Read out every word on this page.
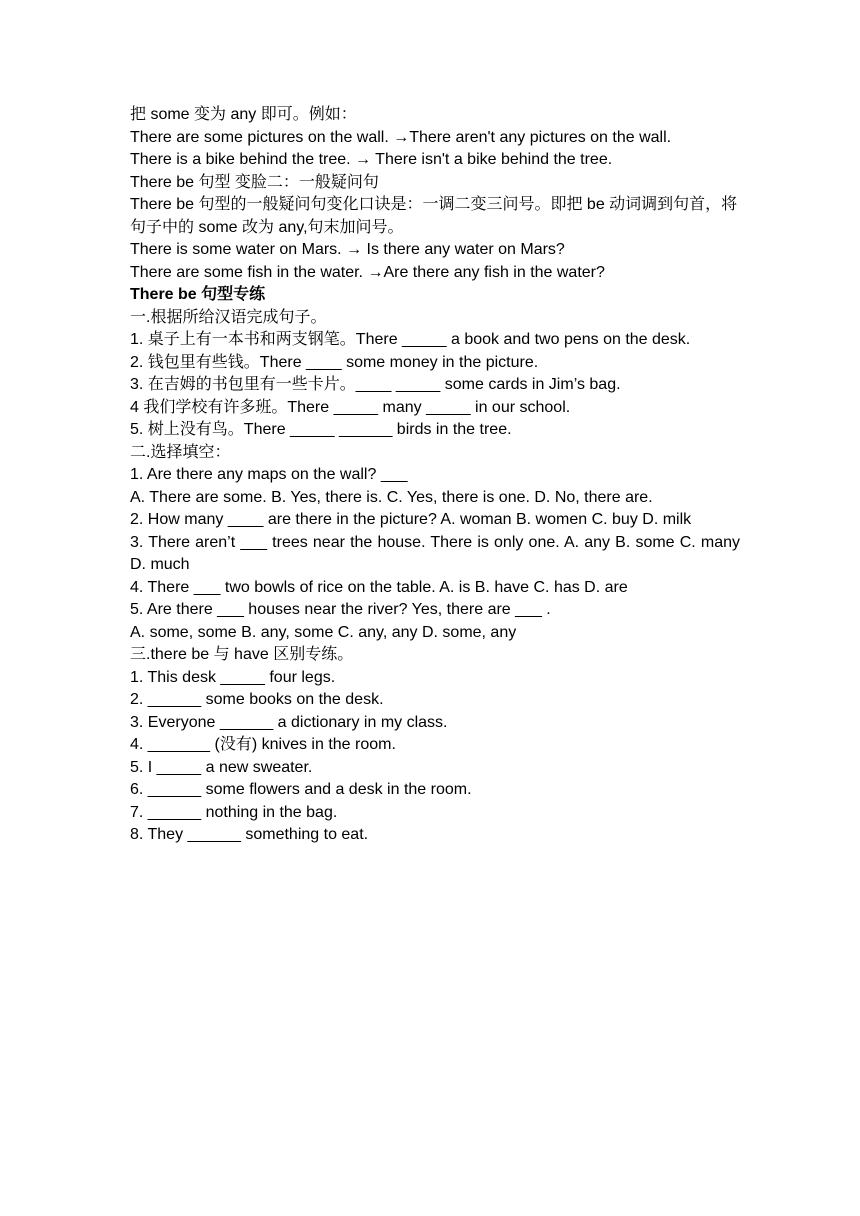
把 some 变为 any 即可。例如：
There are some pictures on the wall. →There aren't any pictures on the wall.
There is a bike behind the tree. → There isn't a bike behind the tree.
There be 句型 变脸二：一般疑问句
There be 句型的一般疑问句变化口诀是：一调二变三问号。即把 be 动词调到句首，将句子中的 some 改为 any,句末加问号。
There is some water on Mars. → Is there any water on Mars?
There are some fish in the water. →Are there any fish in the water?
There be 句型专练
一.根据所给汉语完成句子。
1. 桌子上有一本书和两支钢笔。There _____ a book and two pens on the desk.
2. 钱包里有些钱。There ____ some money in the picture.
3. 在吉姆的书包里有一些卡片。____ _____ some cards in Jim’s bag.
4 我们学校有许多班。There _____ many _____ in our school.
5. 树上没有鸟。There _____ ______ birds in the tree.
二.选择填空：
1. Are there any maps on the wall? ___
A. There are some. B. Yes, there is. C. Yes, there is one. D. No, there are.
2. How many ____ are there in the picture? A. woman B. women C. buy D. milk
3. There aren’t ___ trees near the house. There is only one. A. any B. some C. many D. much
4. There ___ two bowls of rice on the table. A. is B. have C. has D. are
5. Are there ___ houses near the river? Yes, there are ___ .
A. some, some B. any, some C. any, any D. some, any
三.there be 与 have 区别专练。
1. This desk _____ four legs.
2. ______ some books on the desk.
3. Everyone ______ a dictionary in my class.
4. _______ (没有) knives in the room.
5. I _____ a new sweater.
6. ______ some flowers and a desk in the room.
7. ______ nothing in the bag.
8. They ______ something to eat.
